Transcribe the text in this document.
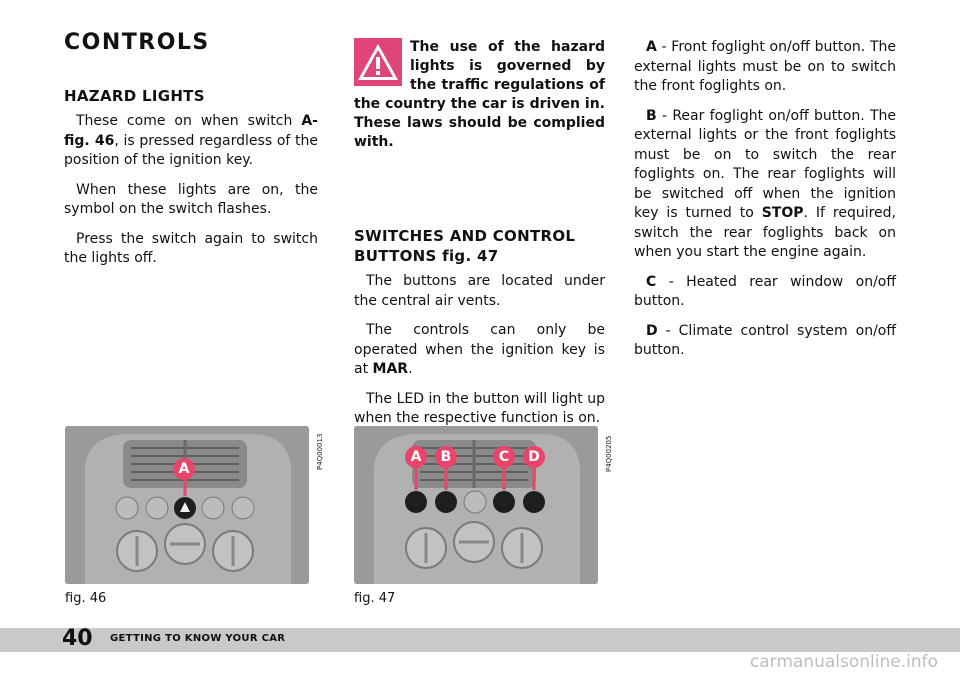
CONTROLS
HAZARD LIGHTS

These come on when switch A-fig. 46, is pressed regardless of the position of the ignition key.

When these lights are on, the symbol on the switch flashes.

Press the switch again to switch the lights off.

The use of the hazard lights is governed by the traffic regulations of the country the car is driven in. These laws should be complied with.
SWITCHES AND CONTROL BUTTONS fig. 47

The buttons are located under the central air vents.

The controls can only be operated when the ignition key is at MAR.

The LED in the button will light up when the respective function is on.

A - Front foglight on/off button. The external lights must be on to switch the front foglights on.

B - Rear foglight on/off button. The external lights or the front foglights must be on to switch the rear foglights on. The rear foglights will be switched off when the ignition key is turned to STOP. If required, switch the rear foglights back on when you start the engine again.

C - Heated rear window on/off button.

D - Climate control system on/off button.

A	P4Q00013
fig. 46
A	B	C	D	P4Q00205
fig. 47
40 GETTING TO KNOW YOUR CAR
carmanualsonline.info
